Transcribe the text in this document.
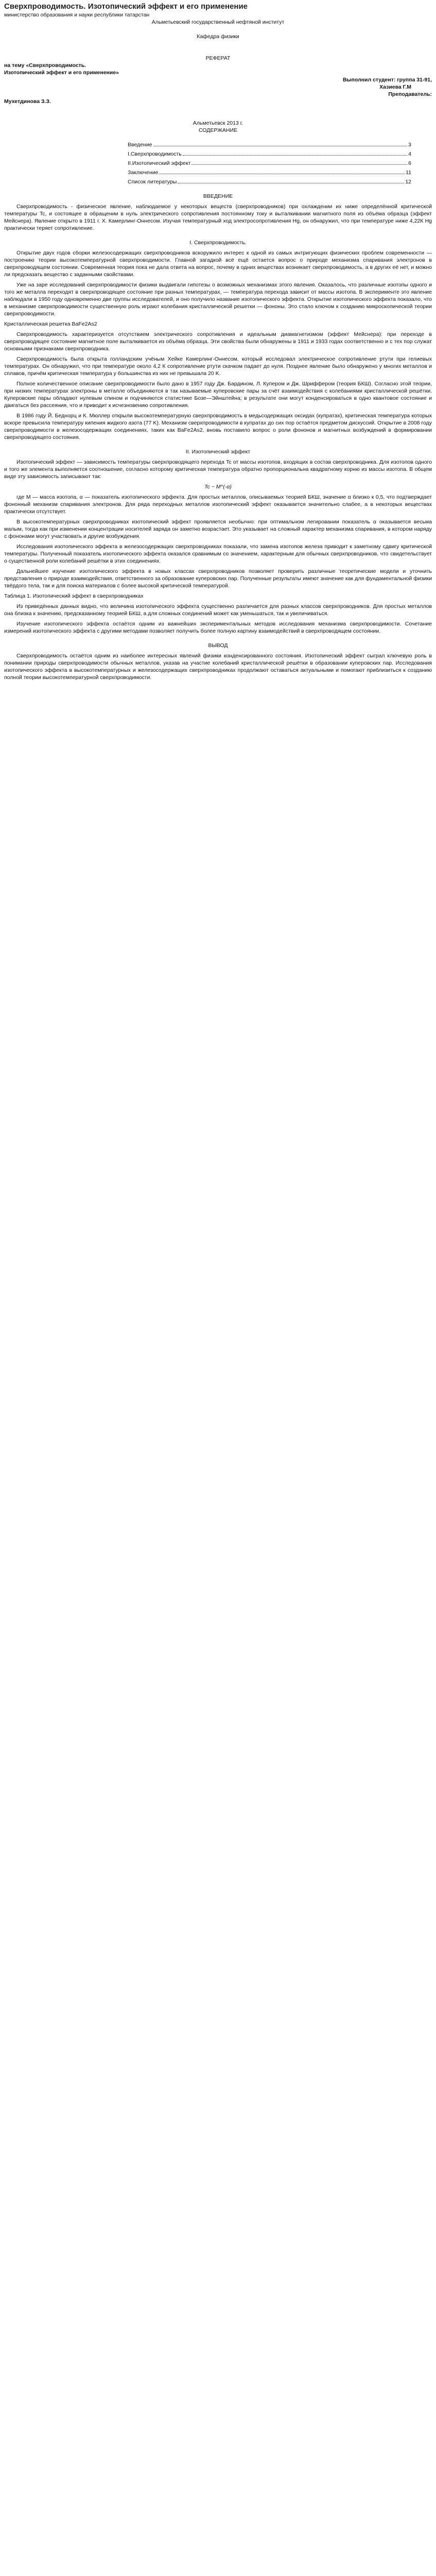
Сверхпроводимость. Изотопический эффект и его применение

министерство образования и науки республики татарстан

Альметьевский государственный нефтяной институт

Кафедра физики

РЕФЕРАТ

на тему «Сверхпроводимость.

Изотопический эффект и его применение»

Выполнил студент: группа 31-91,

Хазиева Г.М

Преподаватель:

Мухетдинова З.З.

Альметьевск 2013 г.

СОДЕРЖАНИЕ

Введение	3
I.Сверхпроводимость	4
II.Изотопический эффект	6
Заключение	11
Список литературы	12

ВВЕДЕНИЕ

Сверхпроводимость - физическое явление, наблюдаемое у некоторых веществ (сверхпроводников) при охлаждении их ниже определённой критической температуры Tc, и состоящее в обращении в нуль электрического сопротивления постоянному току и выталкивании магнитного поля из объёма образца (эффект Мейснера). Явление открыто в 1911 г. Х. Камерлинг-Оннесом. Изучая температурный ход электросопротивления Hg, он обнаружил, что при температуре ниже 4,22К Hg практически теряет сопротивление.

I. Сверхпроводимость.

Открытие двух годов сборки железосодержащих сверхпроводников вскоружило интерес к одной из самых интригующих физических проблем современности — построению теории высокотемпературной сверхпроводимости. Главной загадкой всё ещё остается вопрос о природе механизма спаривания электронов в сверхпроводящем состоянии. Современная теория пока не дала ответа на вопрос, почему в одних веществах возникает сверхпроводимость, а в других её нет, и можно ли предсказать вещество с заданными свойствами.

Уже на заре исследований сверхпроводимости физики выдвигали гипотезы о возможных механизмах этого явления. Оказалось, что различные изотопы одного и того же металла переходят в сверхпроводящее состояние при разных температурах, — температура перехода зависит от массы изотопа. В эксперименте это явление наблюдали в 1950 году одновременно две группы исследователей, и оно получило название изотопического эффекта. Открытие изотопического эффекта показало, что в механизме сверхпроводимости существенную роль играют колебания кристаллической решетки — фононы. Это стало ключом к созданию микроскопической теории сверхпроводимости.

Кристаллическая решетка BaFe2As2

Сверхпроводимость характеризуется отсутствием электрического сопротивления и идеальным диамагнетизмом (эффект Мейснера): при переходе в сверхпроводящее состояние магнитное поле выталкивается из объёма образца. Эти свойства были обнаружены в 1911 и 1933 годах соответственно и с тех пор служат основными признаками сверхпроводника.

Сверхпроводимость была открыта голландским учёным Хейке Камерлинг-Оннесом, который исследовал электрическое сопротивление ртути при гелиевых температурах. Он обнаружил, что при температуре около 4,2 К сопротивление ртути скачком падает до нуля. Позднее явление было обнаружено у многих металлов и сплавов, причём критическая температура у большинства из них не превышала 20 K.

Полное количественное описание сверхпроводимости было дано в 1957 году Дж. Бардином, Л. Купером и Дж. Шриффером (теория БКШ). Согласно этой теории, при низких температурах электроны в металле объединяются в так называемые куперовские пары за счёт взаимодействия с колебаниями кристаллической решётки. Куперовские пары обладают нулевым спином и подчиняются статистике Бозе—Эйнштейна; в результате они могут конденсироваться в одно квантовое состояние и двигаться без рассеяния, что и приводит к исчезновению сопротивления.

В 1986 году Й. Беднорц и К. Мюллер открыли высокотемпературную сверхпроводимость в медьсодержащих оксидах (купратах), критическая температура которых вскоре превысила температуру кипения жидкого азота (77 K). Механизм сверхпроводимости в купратах до сих пор остаётся предметом дискуссий. Открытие в 2008 году сверхпроводимости в железосодержащих соединениях, таких как BaFe2As2, вновь поставило вопрос о роли фононов и магнитных возбуждений в формировании сверхпроводящего состояния.

II. Изотопический эффект

Изотопический эффект — зависимость температуры сверхпроводящего перехода Tc от массы изотопов, входящих в состав сверхпроводника. Для изотопов одного и того же элемента выполняется соотношение, согласно которому критическая температура обратно пропорциональна квадратному корню из массы изотопа. В общем виде эту зависимость записывают так:

Tc ~ M^(-α)

где M — масса изотопа, α — показатель изотопического эффекта. Для простых металлов, описываемых теорией БКШ, значение α близко к 0,5, что подтверждает фононный механизм спаривания электронов. Для ряда переходных металлов изотопический эффект оказывается значительно слабее, а в некоторых веществах практически отсутствует.

В высокотемпературных сверхпроводниках изотопический эффект проявляется необычно: при оптимальном легировании показатель α оказывается весьма малым, тогда как при изменении концентрации носителей заряда он заметно возрастает. Это указывает на сложный характер механизма спаривания, в котором наряду с фононами могут участвовать и другие возбуждения.

Исследования изотопического эффекта в железосодержащих сверхпроводниках показали, что замена изотопов железа приводит к заметному сдвигу критической температуры. Полученный показатель изотопического эффекта оказался сравнимым со значением, характерным для обычных сверхпроводников, что свидетельствует о существенной роли колебаний решётки в этих соединениях.

Дальнейшее изучение изотопического эффекта в новых классах сверхпроводников позволяет проверить различные теоретические модели и уточнить представления о природе взаимодействия, ответственного за образование куперовских пар. Полученные результаты имеют значение как для фундаментальной физики твёрдого тела, так и для поиска материалов с более высокой критической температурой.

Таблица 1. Изотопический эффект в сверхпроводниках

Из приведённых данных видно, что величина изотопического эффекта существенно различается для разных классов сверхпроводников. Для простых металлов она близка к значению, предсказанному теорией БКШ, а для сложных соединений может как уменьшаться, так и увеличиваться.

Изучение изотопического эффекта остаётся одним из важнейших экспериментальных методов исследования механизма сверхпроводимости. Сочетание измерений изотопического эффекта с другими методами позволяет получить более полную картину взаимодействий в сверхпроводящем состоянии.

ВЫВОД

Сверхпроводимость остаётся одним из наиболее интересных явлений физики конденсированного состояния. Изотопический эффект сыграл ключевую роль в понимании природы сверхпроводимости обычных металлов, указав на участие колебаний кристаллической решётки в образовании куперовских пар. Исследования изотопического эффекта в высокотемпературных и железосодержащих сверхпроводниках продолжают оставаться актуальными и помогают приблизиться к созданию полной теории высокотемпературной сверхпроводимости.
